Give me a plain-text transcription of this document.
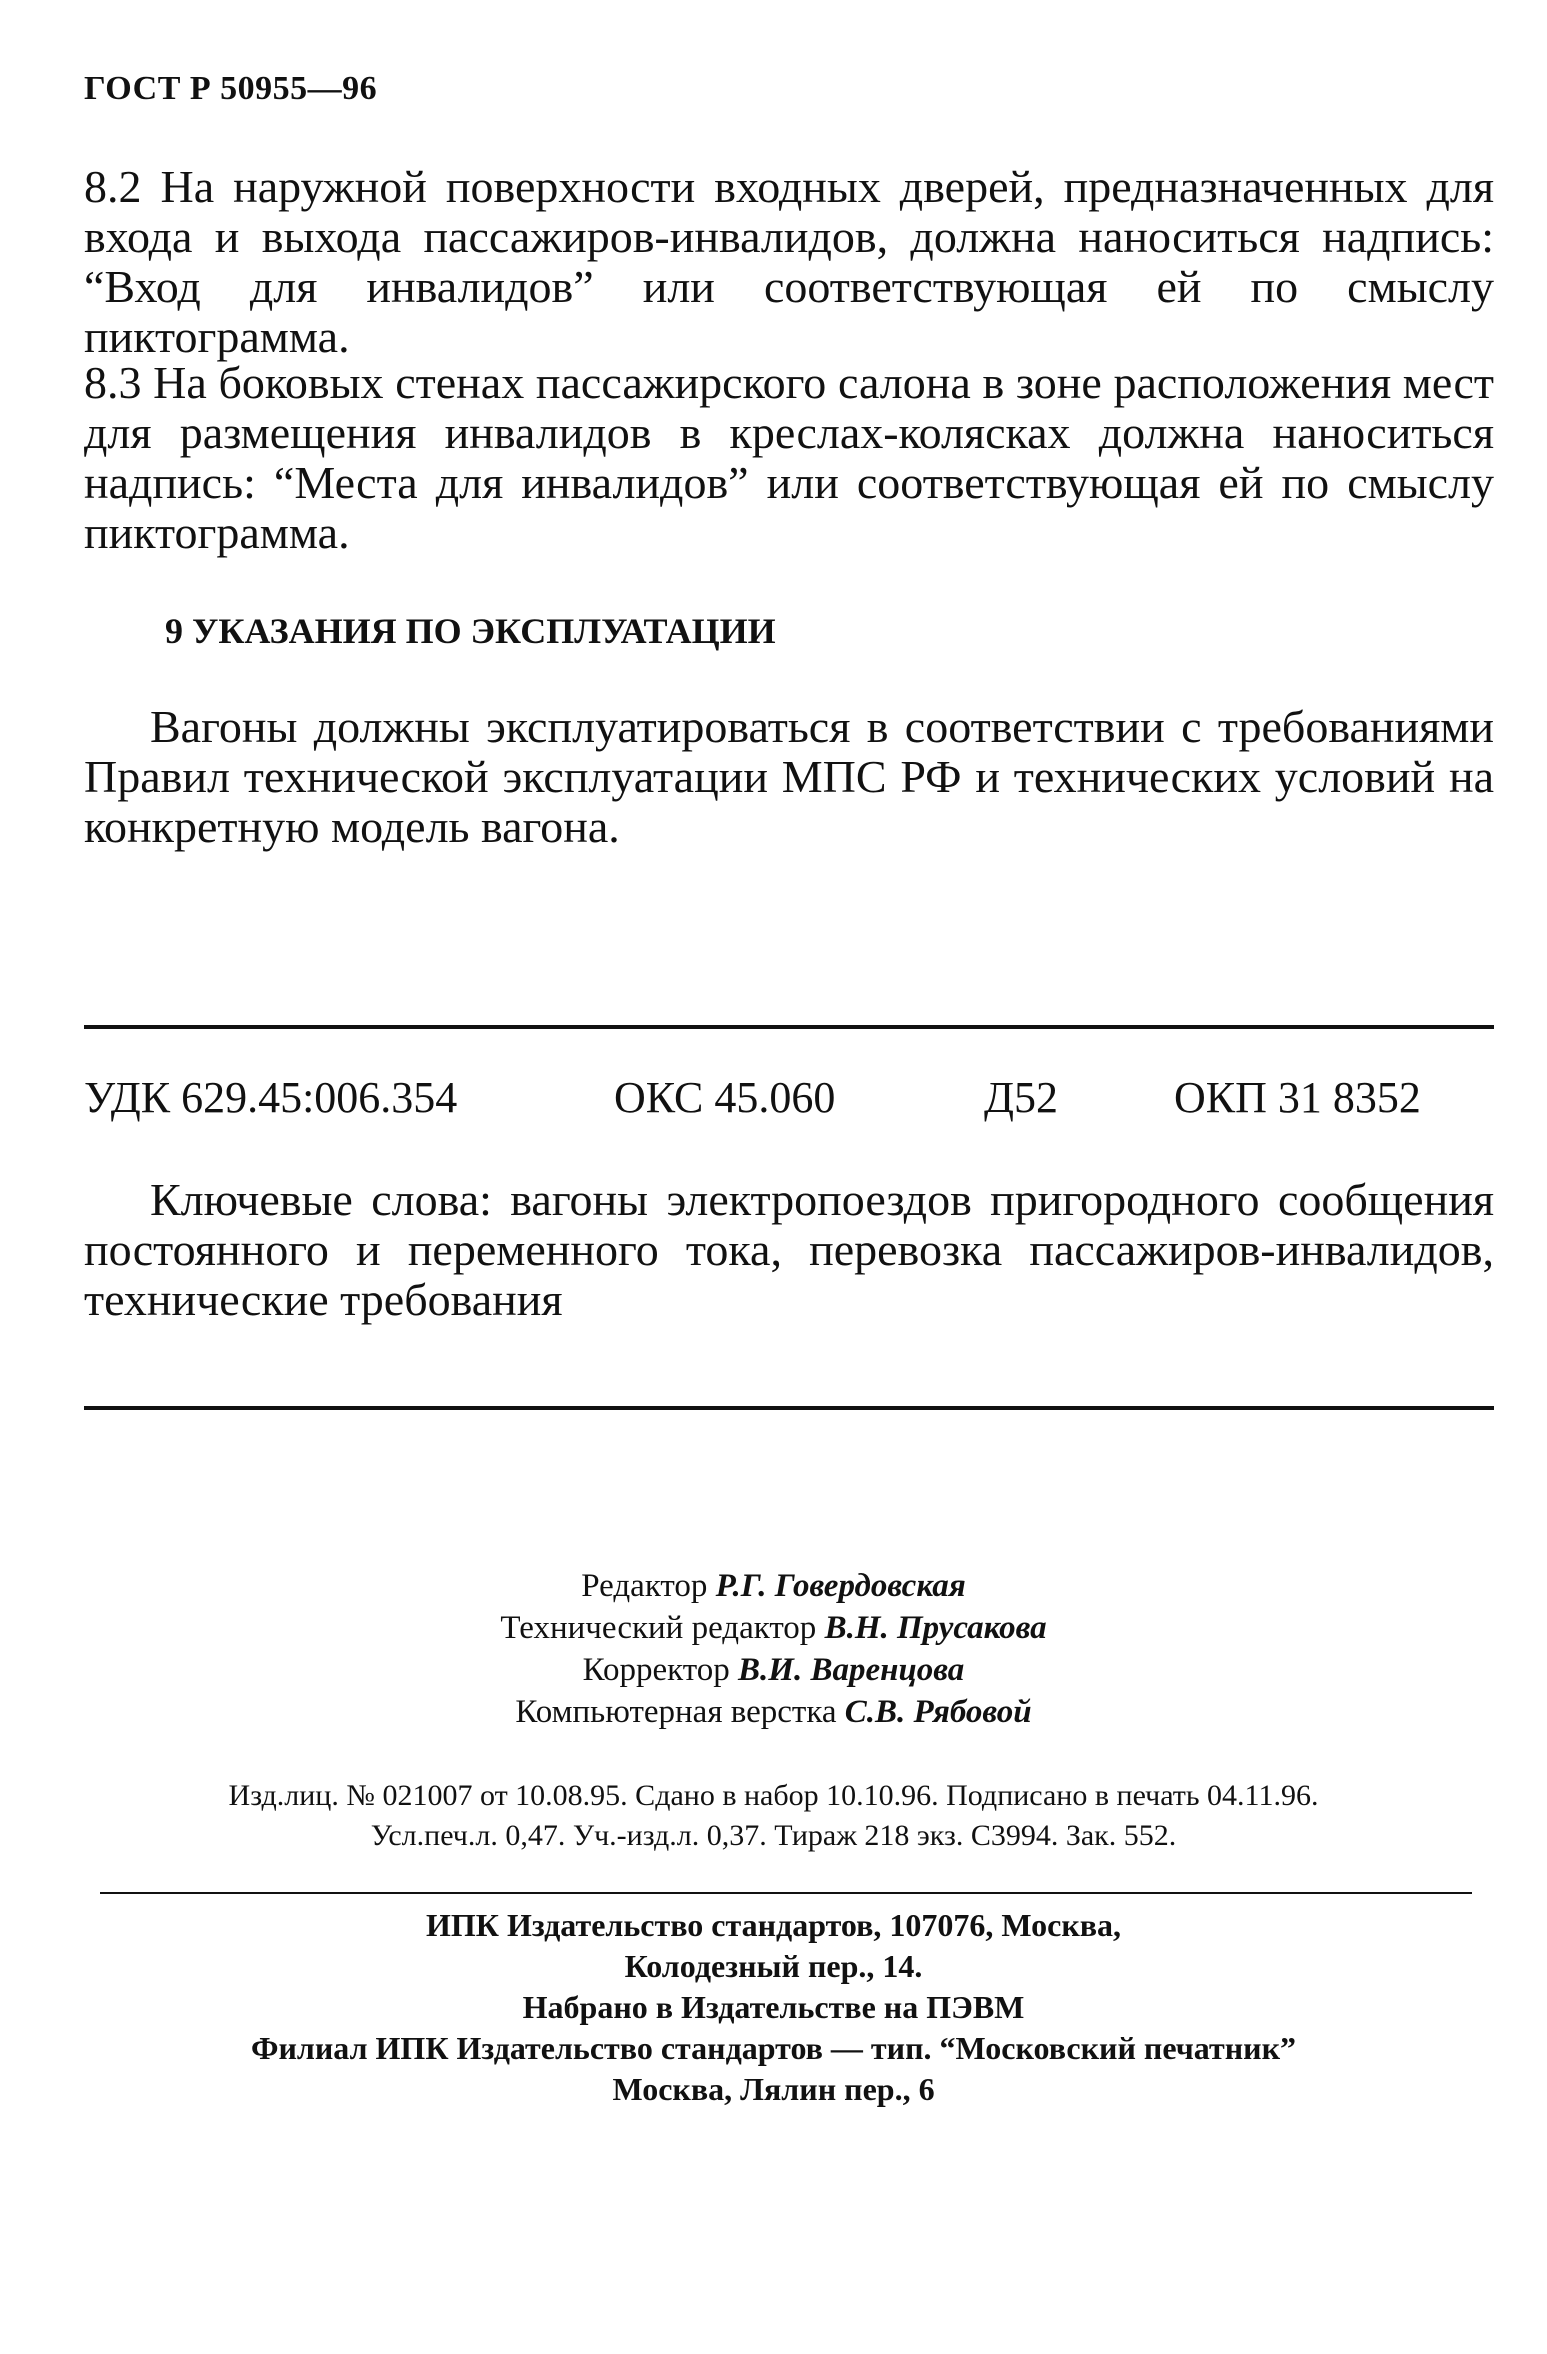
ГОСТ Р 50955—96
8.2 На наружной поверхности входных дверей, предназначенных для входа и выхода пассажиров-инвалидов, должна наноситься надпись: “Вход для инвалидов” или соответствующая ей по смыслу пиктограмма.
8.3 На боковых стенах пассажирского салона в зоне расположения мест для размещения инвалидов в креслах-колясках должна наноситься надпись: “Места для инвалидов” или соответствующая ей по смыслу пиктограмма.
9 УКАЗАНИЯ ПО ЭКСПЛУАТАЦИИ
Вагоны должны эксплуатироваться в соответствии с требованиями Правил технической эксплуатации МПС РФ и технических условий на конкретную модель вагона.
УДК 629.45:006.354	ОКС 45.060	Д52	ОКП 31 8352
Ключевые слова: вагоны электропоездов пригородного сообщения постоянного и переменного тока, перевозка пассажиров-инвалидов, технические требования
Редактор Р.Г. Говердовская
Технический редактор В.Н. Прусакова
Корректор В.И. Варенцова
Компьютерная верстка С.В. Рябовой
Изд.лиц. № 021007 от 10.08.95. Сдано в набор 10.10.96. Подписано в печать 04.11.96.
Усл.печ.л. 0,47. Уч.-изд.л. 0,37. Тираж 218 экз. С3994. Зак. 552.
ИПК Издательство стандартов, 107076, Москва,
Колодезный пер., 14.
Набрано в Издательстве на ПЭВМ
Филиал ИПК Издательство стандартов — тип. “Московский печатник”
Москва, Лялин пер., 6
